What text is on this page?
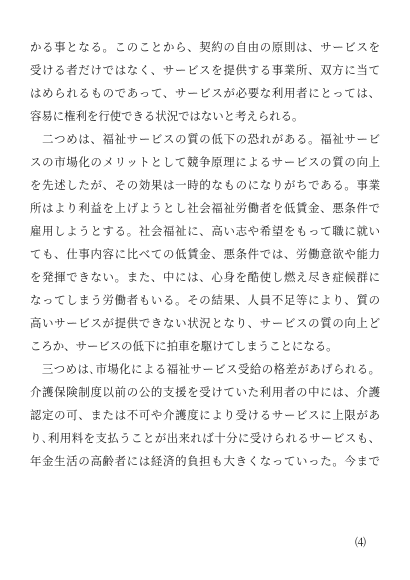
かる事となる。このことから、契約の自由の原則は、サービスを
受ける者だけではなく、サービスを提供する事業所、双方に当て
はめられるものであって、サービスが必要な利用者にとっては、
容易に権利を行使できる状況ではないと考えられる。
　二つめは、福祉サービスの質の低下の恐れがある。福祉サービ
スの市場化のメリットとして競争原理によるサービスの質の向上
を先述したが、その効果は一時的なものになりがちである。事業
所はより利益を上げようとし社会福祉労働者を低賃金、悪条件で
雇用しようとする。社会福祉に、高い志や希望をもって職に就い
ても、仕事内容に比べての低賃金、悪条件では、労働意欲や能力
を発揮できない。また、中には、心身を酷使し燃え尽き症候群に
なってしまう労働者もいる。その結果、人員不足等により、質の
高いサービスが提供できない状況となり、サービスの質の向上ど
ころか、サービスの低下に拍車を駆けてしまうことになる。
　三つめは､市場化による福祉サービス受給の格差があげられる。
介護保険制度以前の公的支援を受けていた利用者の中には、介護
認定の可、または不可や介護度により受けるサービスに上限があ
り､利用料を支払うことが出来れば十分に受けられるサービスも、
年金生活の高齢者には経済的負担も大きくなっていった。今まで
⑷
